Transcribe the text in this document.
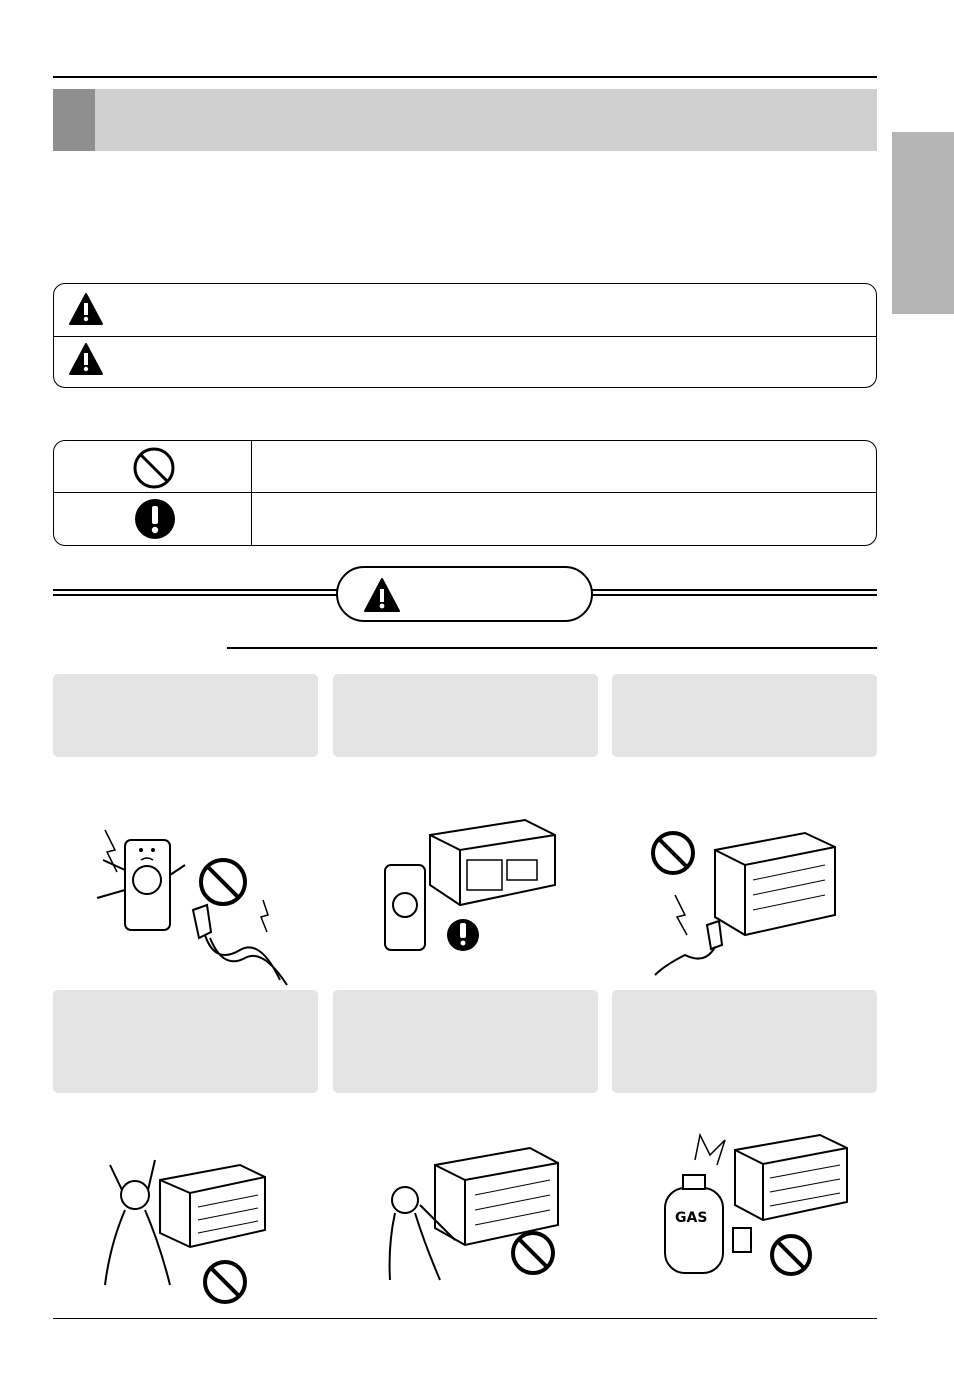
GAS
